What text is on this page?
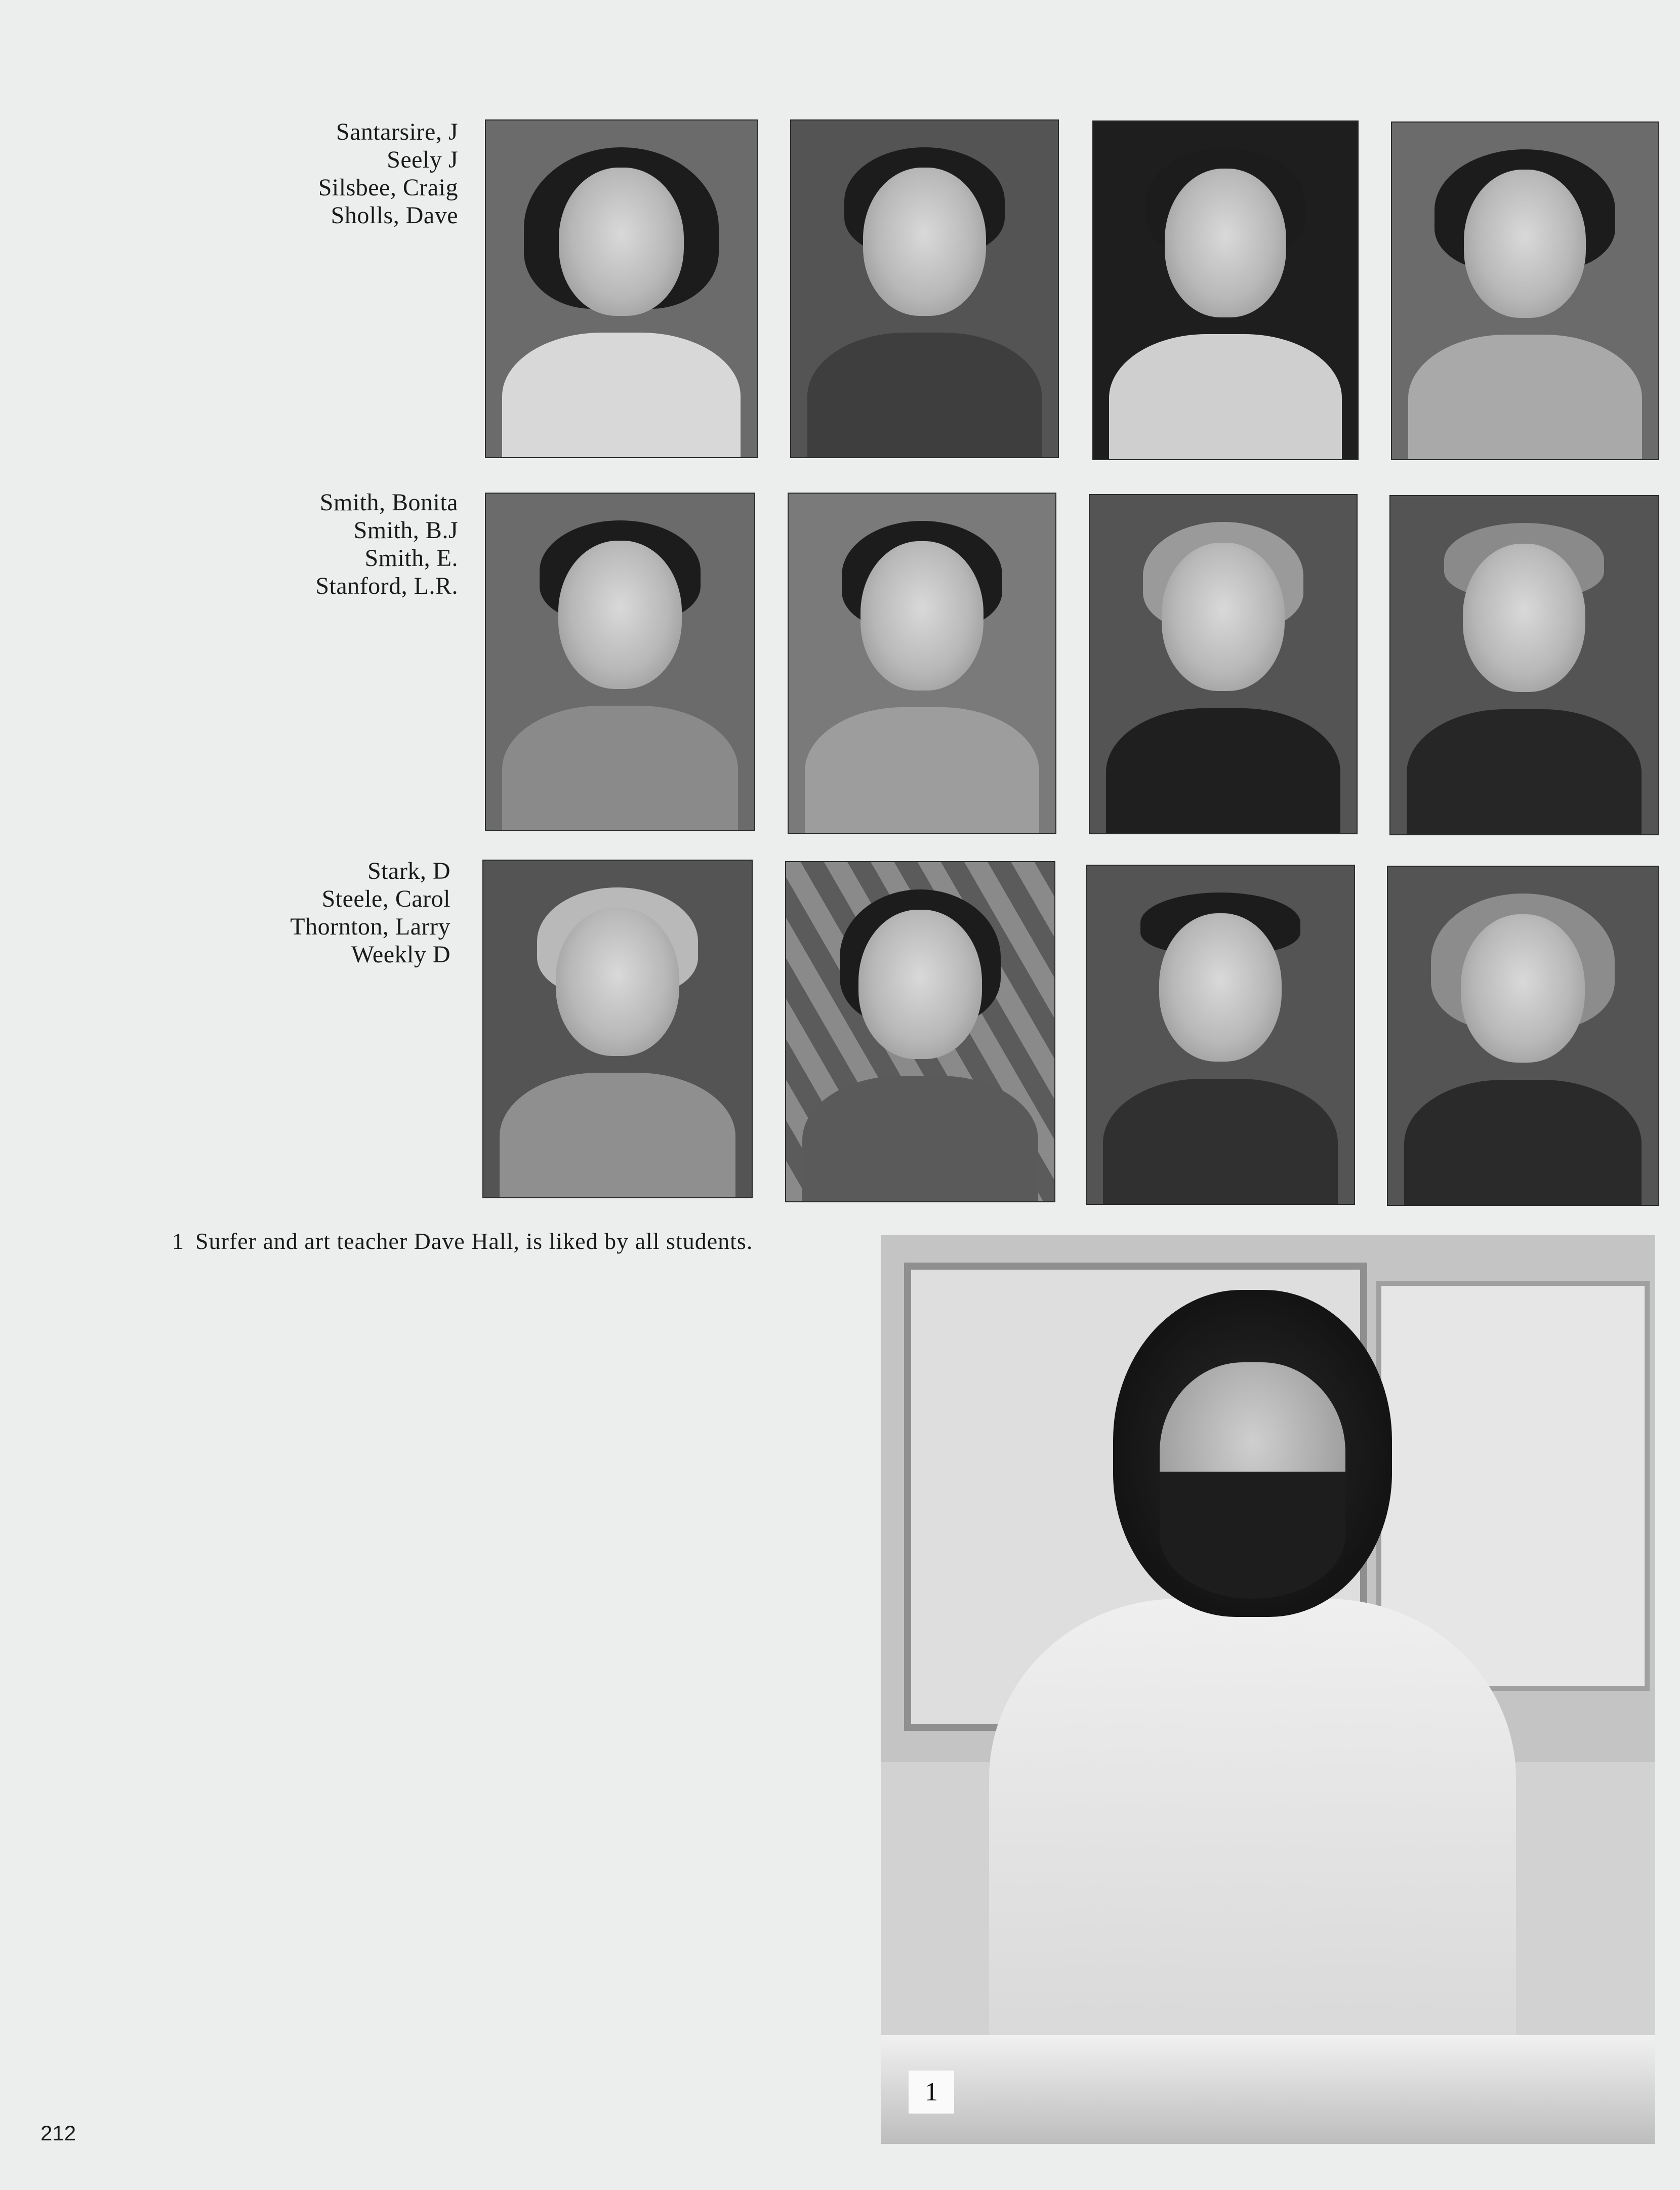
Santarsire, J
Seely J
Silsbee, Craig
Sholls, Dave
Smith, Bonita
Smith, B.J
Smith, E.
Stanford, L.R.
Stark, D
Steele, Carol
Thornton, Larry
Weekly D
1 Surfer and art teacher Dave Hall, is liked by all students.
1
212
